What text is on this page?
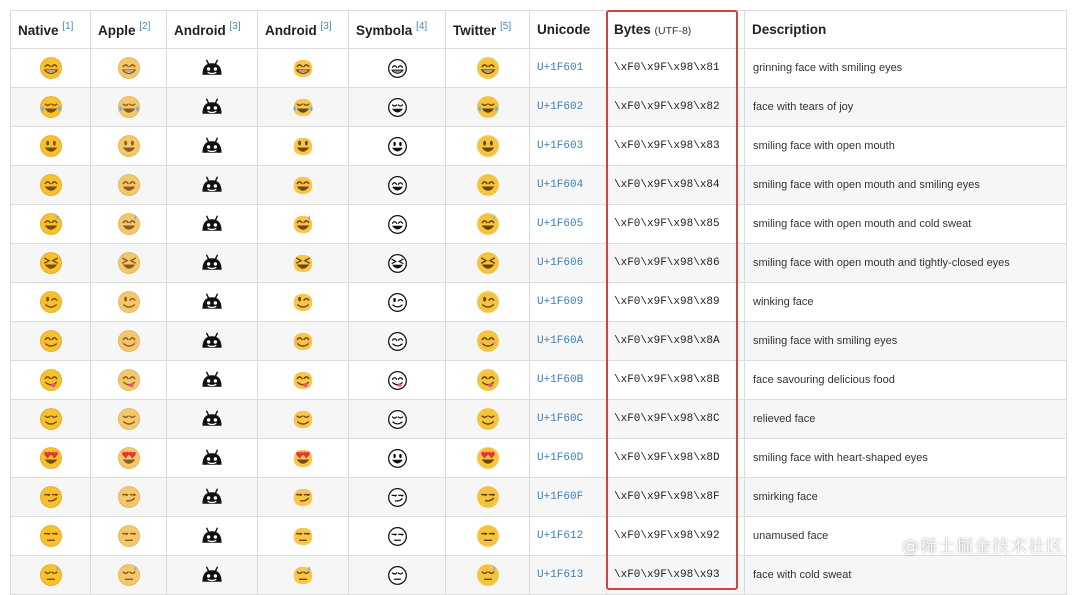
Native [1]	Apple [2]	Android [3]	Android [3]	Symbola [4]	Twitter [5]	Unicode	Bytes (UTF-8)	Description
						U+1F601	\xF0\x9F\x98\x81	grinning face with smiling eyes
						U+1F602	\xF0\x9F\x98\x82	face with tears of joy
						U+1F603	\xF0\x9F\x98\x83	smiling face with open mouth
						U+1F604	\xF0\x9F\x98\x84	smiling face with open mouth and smiling eyes
						U+1F605	\xF0\x9F\x98\x85	smiling face with open mouth and cold sweat
						U+1F606	\xF0\x9F\x98\x86	smiling face with open mouth and tightly-closed eyes
						U+1F609	\xF0\x9F\x98\x89	winking face
						U+1F60A	\xF0\x9F\x98\x8A	smiling face with smiling eyes
						U+1F60B	\xF0\x9F\x98\x8B	face savouring delicious food
						U+1F60C	\xF0\x9F\x98\x8C	relieved face
						U+1F60D	\xF0\x9F\x98\x8D	smiling face with heart-shaped eyes
						U+1F60F	\xF0\x9F\x98\x8F	smirking face
						U+1F612	\xF0\x9F\x98\x92	unamused face
						U+1F613	\xF0\x9F\x98\x93	face with cold sweat
@稀土掘金技术社区
